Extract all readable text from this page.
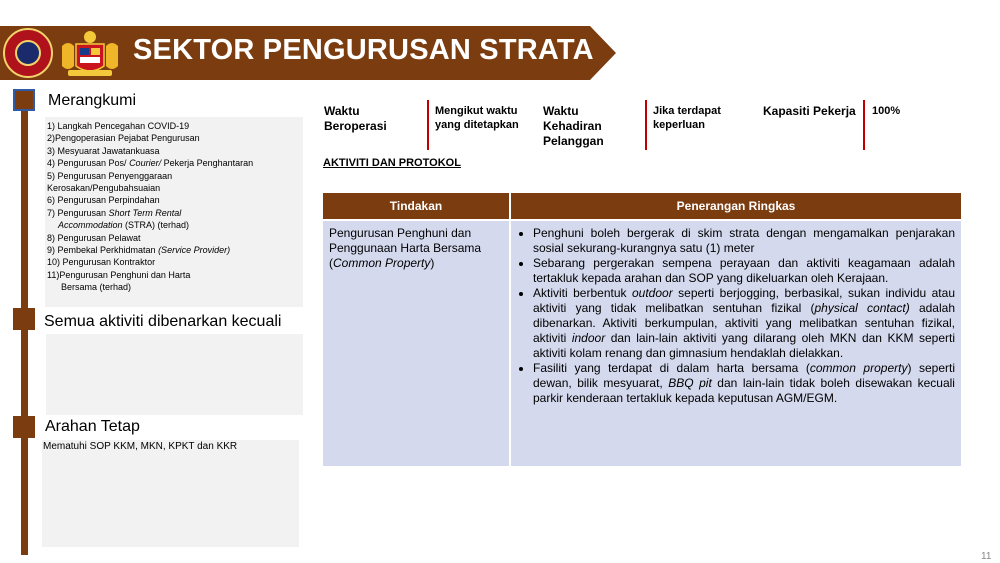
SEKTOR PENGURUSAN STRATA
Merangkumi
1) Langkah Pencegahan COVID-19
2)Pengoperasian Pejabat Pengurusan
3) Mesyuarat Jawatankuasa
4) Pengurusan Pos/ Courier/ Pekerja Penghantaran
5) Pengurusan Penyenggaraan
Kerosakan/Pengubahsuaian
6) Pengurusan Perpindahan
7) Pengurusan Short Term Rental
Accommodation (STRA) (terhad)
8) Pengurusan Pelawat
9) Pembekal Perkhidmatan (Service Provider)
10) Pengurusan Kontraktor
11)Pengurusan Penghuni dan Harta
Bersama (terhad)
Semua aktiviti dibenarkan kecuali
Arahan Tetap
Mematuhi SOP KKM, MKN, KPKT dan KKR
Waktu
Beroperasi
Mengikut waktu
yang ditetapkan
Waktu
Kehadiran
Pelanggan
Jika terdapat
keperluan
Kapasiti Pekerja 100%
AKTIVITI DAN PROTOKOL
Tindakan	Penerangan Ringkas
Pengurusan Penghuni dan Penggunaan Harta Bersama (Common Property)
• Penghuni boleh bergerak di skim strata dengan mengamalkan penjarakan sosial sekurang-kurangnya satu (1) meter
• Sebarang pergerakan sempena perayaan dan aktiviti keagamaan adalah tertakluk kepada arahan dan SOP yang dikeluarkan oleh Kerajaan.
• Aktiviti berbentuk outdoor seperti berjogging, berbasikal, sukan individu atau aktiviti yang tidak melibatkan sentuhan fizikal (physical contact) adalah dibenarkan. Aktiviti berkumpulan, aktiviti yang melibatkan sentuhan fizikal, aktiviti indoor dan lain-lain aktiviti yang dilarang oleh MKN dan KKM seperti aktiviti kolam renang dan gimnasium hendaklah dielakkan.
• Fasiliti yang terdapat di dalam harta bersama (common property) seperti dewan, bilik mesyuarat, BBQ pit dan lain-lain tidak boleh disewakan kecuali parkir kenderaan tertakluk kepada keputusan AGM/EGM.
11
